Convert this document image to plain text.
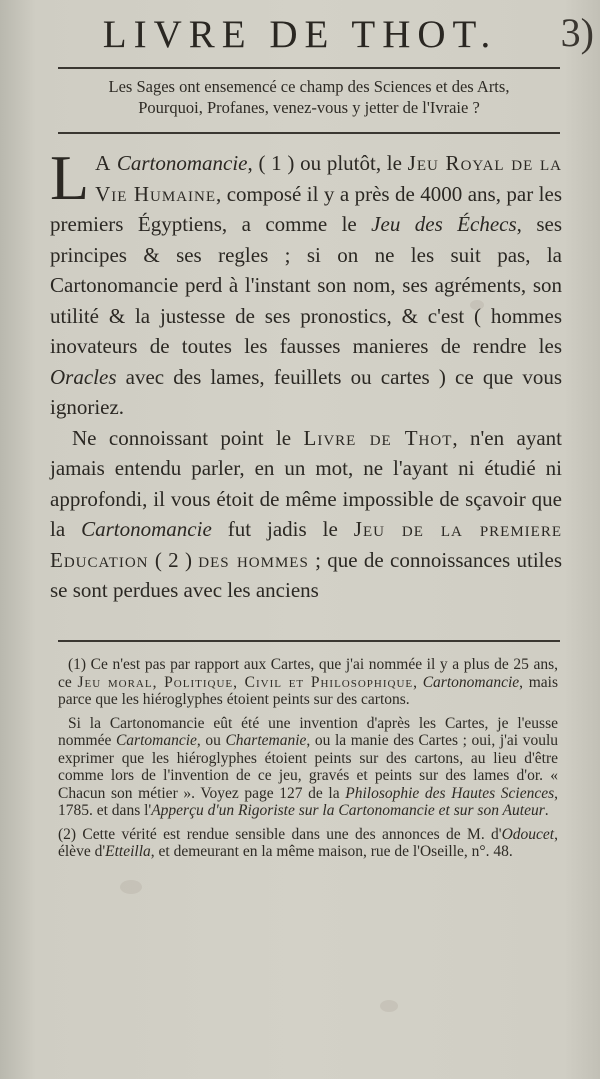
LIVRE DE THOT.	3)
Les Sages ont ensemencé ce champ des Sciences et des Arts,
Pourquoi, Profanes, venez-vous y jetter de l'Ivraie ?

L A Cartonomancie, ( 1 ) ou plutôt, le Jeu Royal de la Vie Humaine, composé il y a près de 4000 ans, par les premiers Égyptiens, a comme le Jeu des Échecs, ses principes & ses regles ; si on ne les suit pas, la Cartonomancie perd à l'instant son nom, ses agréments, son utilité & la justesse de ses pronostics, & c'est ( hommes inovateurs de toutes les fausses manieres de rendre les Oracles avec des lames, feuillets ou cartes ) ce que vous ignoriez.

Ne connoissant point le Livre de Thot, n'en ayant jamais entendu parler, en un mot, ne l'ayant ni étudié ni approfondi, il vous étoit de même impossible de sçavoir que la Cartonomancie fut jadis le Jeu de la premiere Education ( 2 ) des hommes ; que de connoissances utiles se sont perdues avec les anciens

(1) Ce n'est pas par rapport aux Cartes, que j'ai nommée il y a plus de 25 ans, ce Jeu moral, Politique, Civil et Philosophique, Cartonomancie, mais parce que les hiéroglyphes étoient peints sur des cartons.

Si la Cartonomancie eût été une invention d'après les Cartes, je l'eusse nommée Cartomancie, ou Chartemanie, ou la manie des Cartes ; oui, j'ai voulu exprimer que les hiéroglyphes étoient peints sur des cartons, au lieu d'être comme lors de l'invention de ce jeu, gravés et peints sur des lames d'or. « Chacun son métier ». Voyez page 127 de la Philosophie des Hautes Sciences, 1785. et dans l'Apperçu d'un Rigoriste sur la Cartonomancie et sur son Auteur.

(2) Cette vérité est rendue sensible dans une des annonces de M. d'Odoucet, élève d'Etteilla, et demeurant en la même maison, rue de l'Oseille, n°. 48.
